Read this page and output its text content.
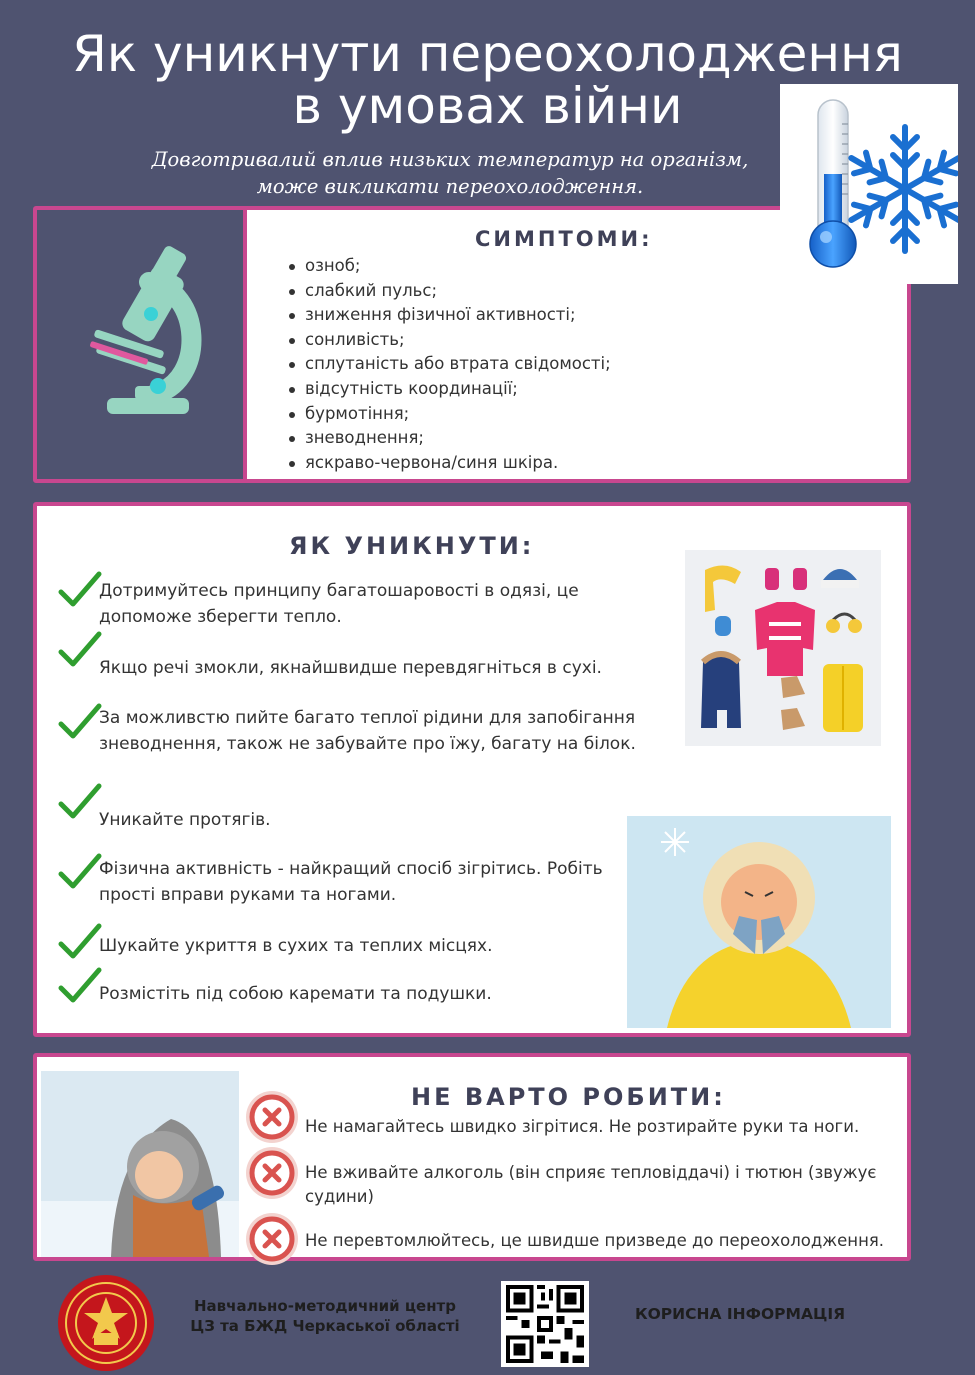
Як уникнути переохолодження
в умовах війни
Довготривалий вплив низьких температур на організм,
може викликати переохолодження.
СИМПТОМИ:
озноб;
слабкий пульс;
зниження фізичної активності;
сонливість;
сплутаність або втрата свідомості;
відсутність координації;
бурмотіння;
зневоднення;
яскраво-червона/синя шкіра.
ЯК УНИКНУТИ:
Дотримуйтесь принципу багатошаровості в одязі, це допоможе зберегти тепло.
Якщо речі змокли, якнайшвидше перевдягніться в сухі.
За можливстю пийте багато теплої рідини для запобігання зневоднення, також не забувайте про їжу, багату на білок.
Уникайте протягів.
Фізична активність - найкращий спосіб зігрітись. Робіть прості вправи руками та ногами.
Шукайте укриття в сухих та теплих місцях.
Розмістіть під собою каремати та подушки.
НЕ ВАРТО РОБИТИ:
Не намагайтесь швидко зігрітися. Не розтирайте руки та ноги.
Не вживайте алкоголь (він сприяє тепловіддачі) і тютюн (звужує судини)
Не перевтомлюйтесь, це швидше призведе до переохолодження.
Навчально-методичний центр
ЦЗ та БЖД Черкаської області
КОРИСНА ІНФОРМАЦІЯ
